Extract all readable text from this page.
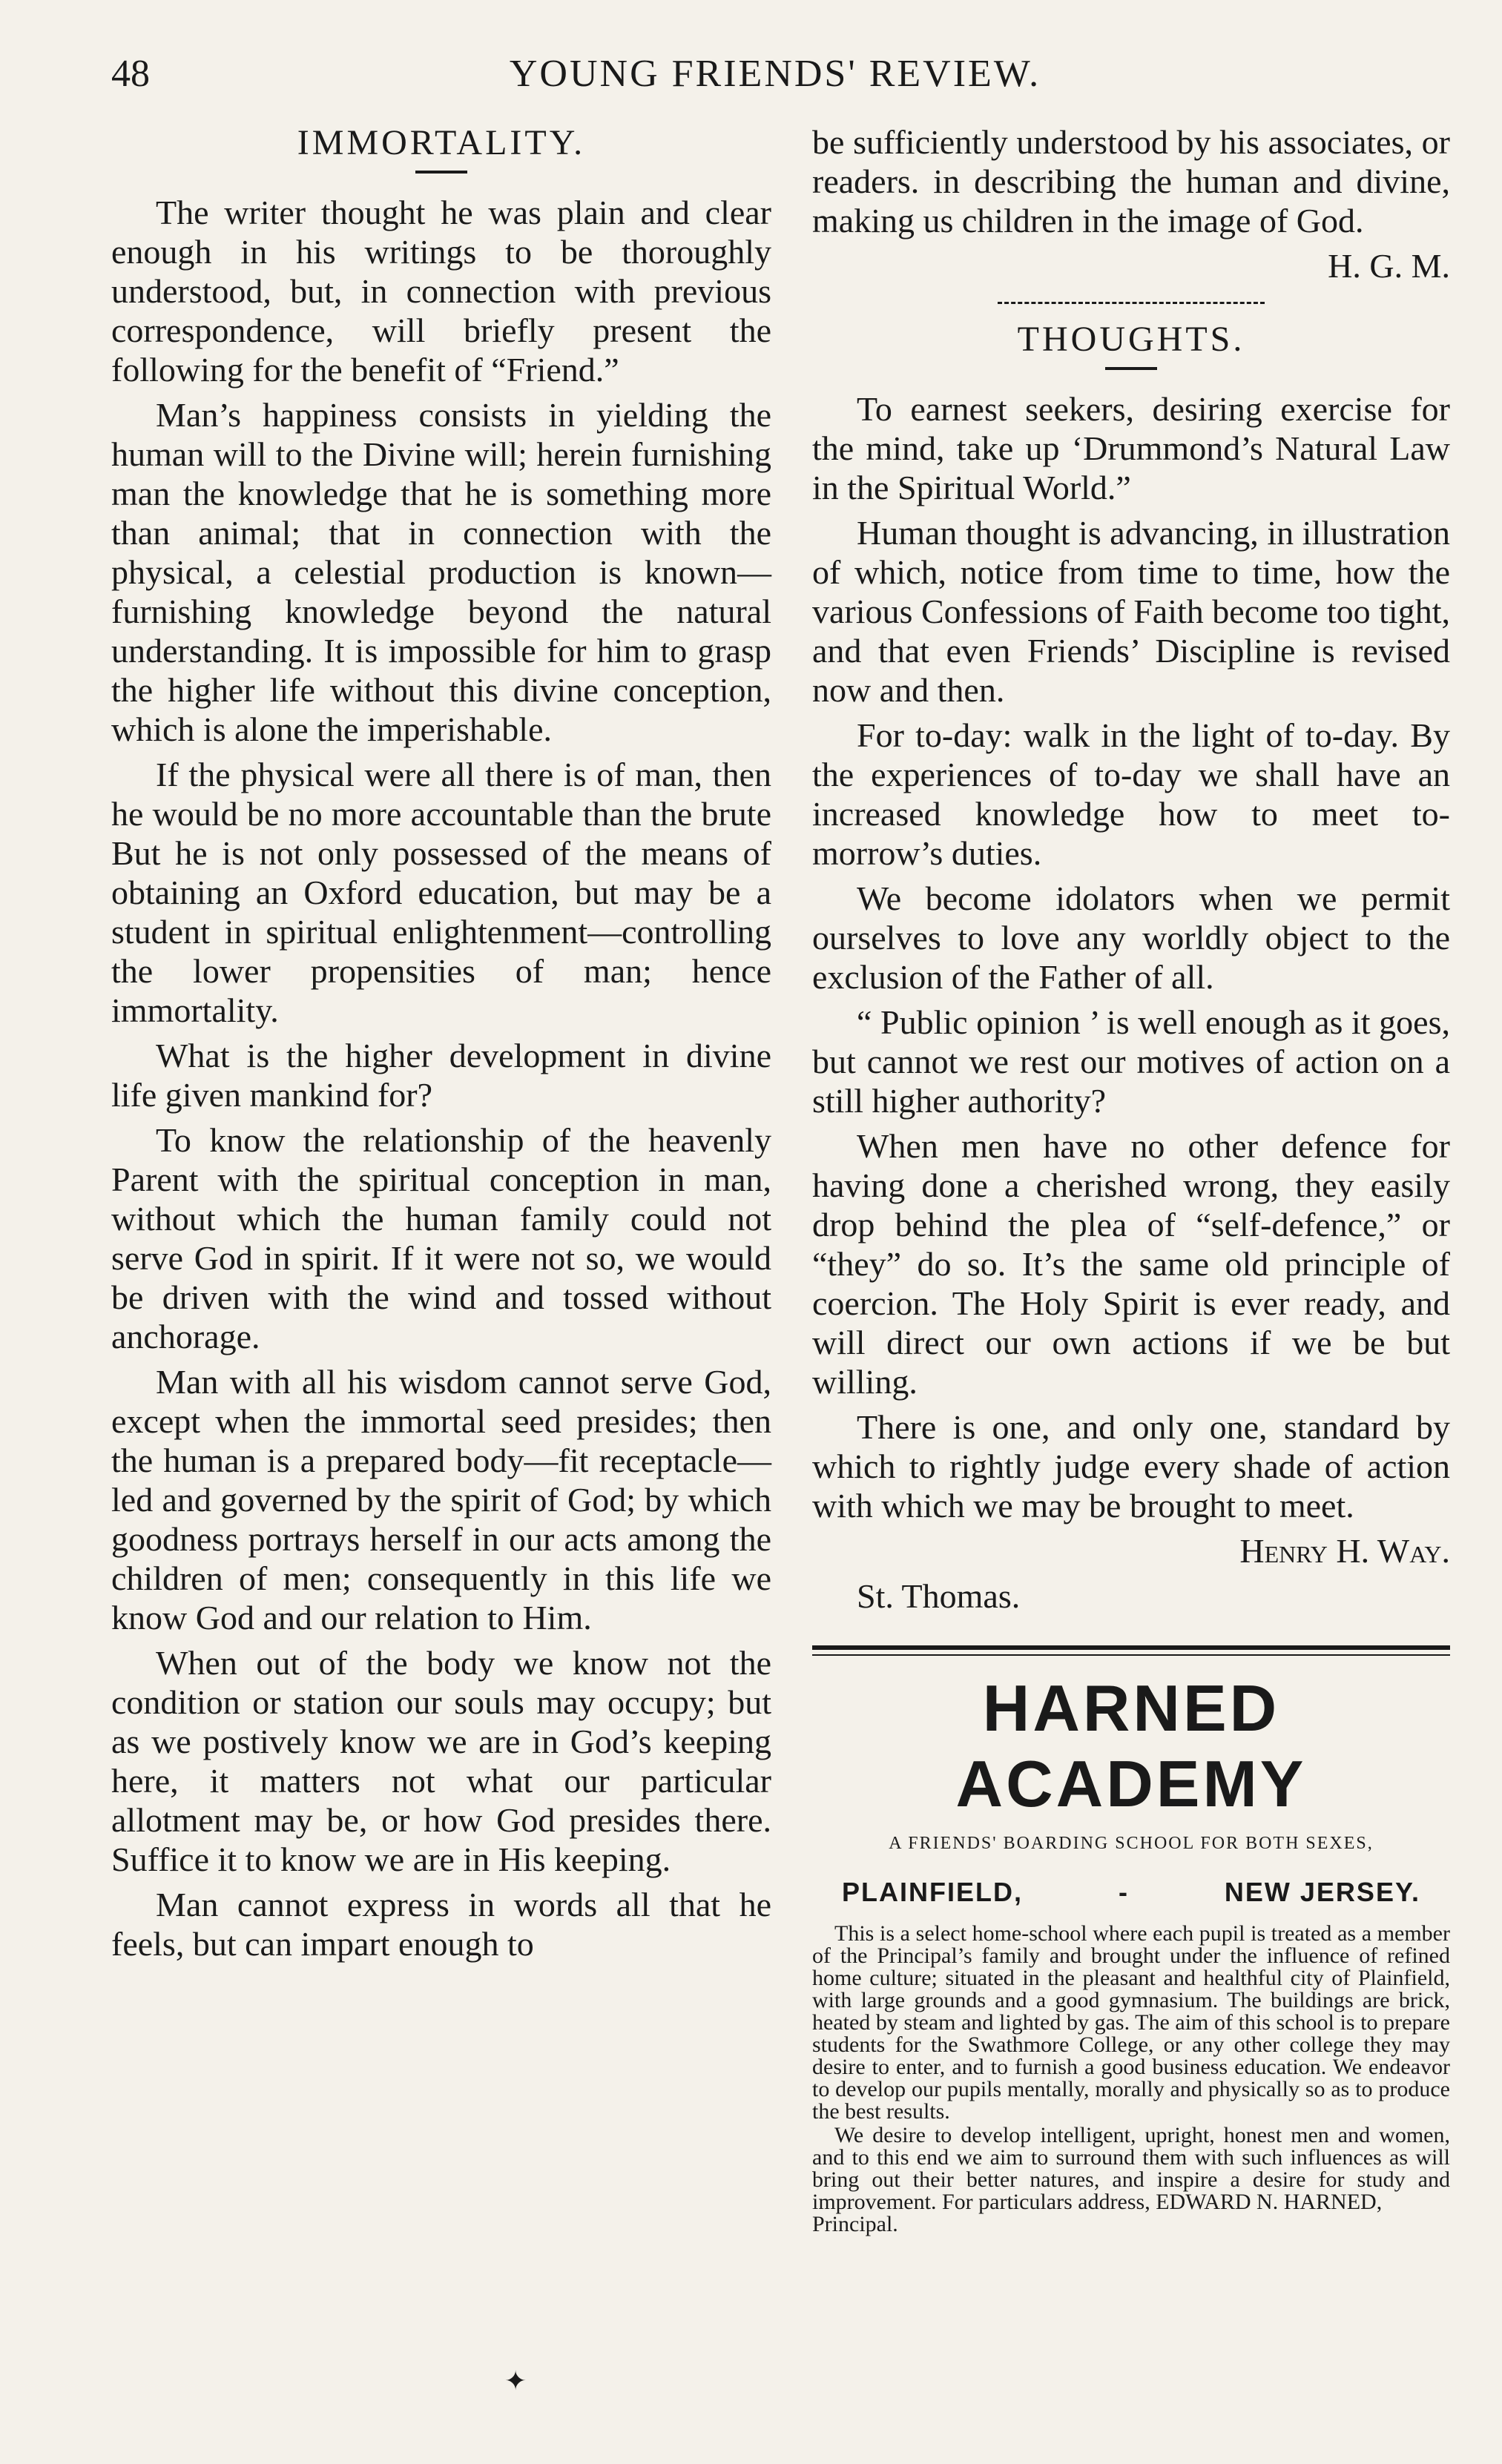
48	YOUNG FRIENDS' REVIEW.
IMMORTALITY.

The writer thought he was plain and clear enough in his writings to be thoroughly understood, but, in connection with previous correspondence, will briefly present the following for the benefit of “Friend.”

Man’s happiness consists in yielding the human will to the Divine will; herein furnishing man the knowledge that he is something more than animal; that in connection with the physical, a celestial production is known—furnishing knowledge beyond the natural understanding. It is impossible for him to grasp the higher life without this divine conception, which is alone the imperishable.

If the physical were all there is of man, then he would be no more accountable than the brute But he is not only possessed of the means of obtaining an Oxford education, but may be a student in spiritual enlightenment—controlling the lower propensities of man; hence immortality.

What is the higher development in divine life given mankind for?

To know the relationship of the heavenly Parent with the spiritual conception in man, without which the human family could not serve God in spirit. If it were not so, we would be driven with the wind and tossed without anchorage.

Man with all his wisdom cannot serve God, except when the immortal seed presides; then the human is a prepared body—fit receptacle—led and governed by the spirit of God; by which goodness portrays herself in our acts among the children of men; consequently in this life we know God and our relation to Him.

When out of the body we know not the condition or station our souls may occupy; but as we postively know we are in God’s keeping here, it matters not what our particular allotment may be, or how God presides there. Suffice it to know we are in His keeping.

Man cannot express in words all that he feels, but can impart enough to

be sufficiently understood by his associates, or readers. in describing the human and divine, making us children in the image of God.

H. G. M.

THOUGHTS.

To earnest seekers, desiring exercise for the mind, take up ‘Drummond’s Natural Law in the Spiritual World.”

Human thought is advancing, in illustration of which, notice from time to time, how the various Confessions of Faith become too tight, and that even Friends’ Discipline is revised now and then.

For to-day: walk in the light of to-day. By the experiences of to-day we shall have an increased knowledge how to meet to-morrow’s duties.

We become idolators when we permit ourselves to love any worldly object to the exclusion of the Father of all.

“ Public opinion ’ is well enough as it goes, but cannot we rest our motives of action on a still higher authority?

When men have no other defence for having done a cherished wrong, they easily drop behind the plea of “self-defence,” or “they” do so. It’s the same old principle of coercion. The Holy Spirit is ever ready, and will direct our own actions if we be but willing.

There is one, and only one, standard by which to rightly judge every shade of action with which we may be brought to meet.

Henry H. Way.

St. Thomas.

HARNED ACADEMY
A FRIENDS' BOARDING SCHOOL FOR BOTH SEXES,
PLAINFIELD,	-	NEW JERSEY.

This is a select home-school where each pupil is treated as a member of the Principal’s family and brought under the influence of refined home culture; situated in the pleasant and healthful city of Plainfield, with large grounds and a good gymnasium. The buildings are brick, heated by steam and lighted by gas. The aim of this school is to prepare students for the Swathmore College, or any other college they may desire to enter, and to furnish a good business education. We endeavor to develop our pupils mentally, morally and physically so as to produce the best results.

We desire to develop intelligent, upright, honest men and women, and to this end we aim to surround them with such influences as will bring out their better natures, and inspire a desire for study and improvement. For particulars address, EDWARD N. HARNED,

Principal.

✦
